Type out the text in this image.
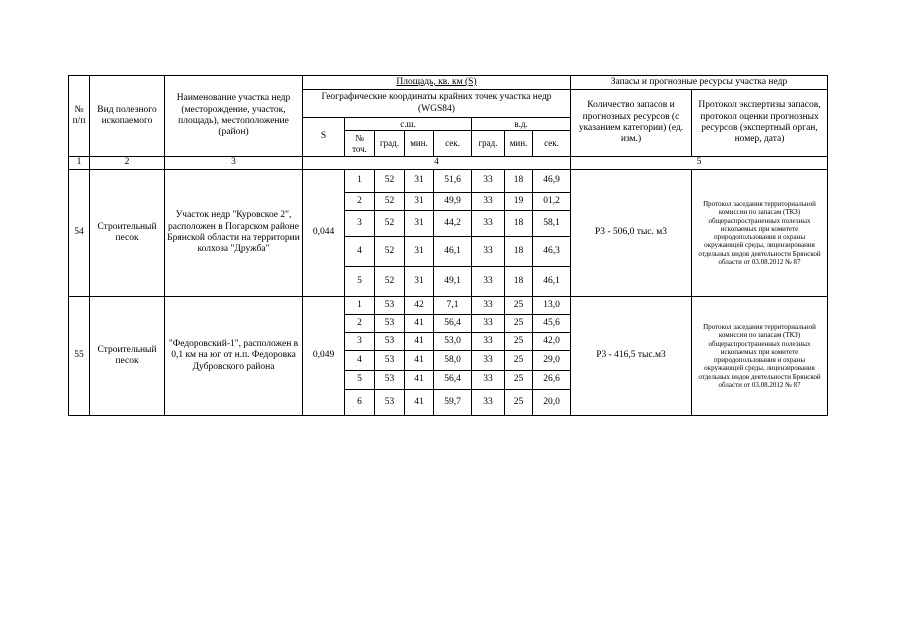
№ п/п	Вид полезного ископаемого	Наименование участка недр (месторождение, участок, площадь), местоположение (район)	Площадь, кв. км (S)								Запасы и прогнозные ресурсы участка недр	
			Географические координаты крайних точек участка недр (WGS84)								Количество запасов и прогнозных ресурсов (с указанием категории) (ед. изм.)	Протокол экспертизы запасов, протокол оценки прогнозных ресурсов (экспертный орган, номер, дата)
			S	с.ш.				в.д.				
				№ точ.	град.	мин.	сек.	град.	мин.	сек.		

1	2	3	4								5	
54	Строительный песок	Участок недр "Куровское 2", расположен в Погарском районе Брянской области на территории колхоза "Дружба"	0,044	1	52	31	51,6	33	18	46,9	Р3 - 506,0 тыс. м3	Протокол заседания территориальной комиссии по запасам (ТКЗ) общераспространенных полезных ископаемых при комитете природопользования и охраны окружающей среды, лицензирования отдельных видов деятельности Брянской области от 03.08.2012 № 87
				2	52	31	49,9	33	19	01,2		
				3	52	31	44,2	33	18	58,1		
				4	52	31	46,1	33	18	46,3		
				5	52	31	49,1	33	18	46,1		
55	Строительный песок	"Федоровский-1", расположен в 0,1 км на юг от н.п. Федоровка Дубровского района	0,049	1	53	42	7,1	33	25	13,0	Р3 - 416,5 тыс.м3	Протокол заседания территориальной комиссии по запасам (ТКЗ) общераспространенных полезных ископаемых при комитете природопользования и охраны окружающей среды, лицензирования отдельных видов деятельности Брянской области от 03.08.2012 № 87
				2	53	41	56,4	33	25	45,6		
				3	53	41	53,0	33	25	42,0		
				4	53	41	58,0	33	25	29,0		
				5	53	41	56,4	33	25	26,6		
				6	53	41	59,7	33	25	20,0		
